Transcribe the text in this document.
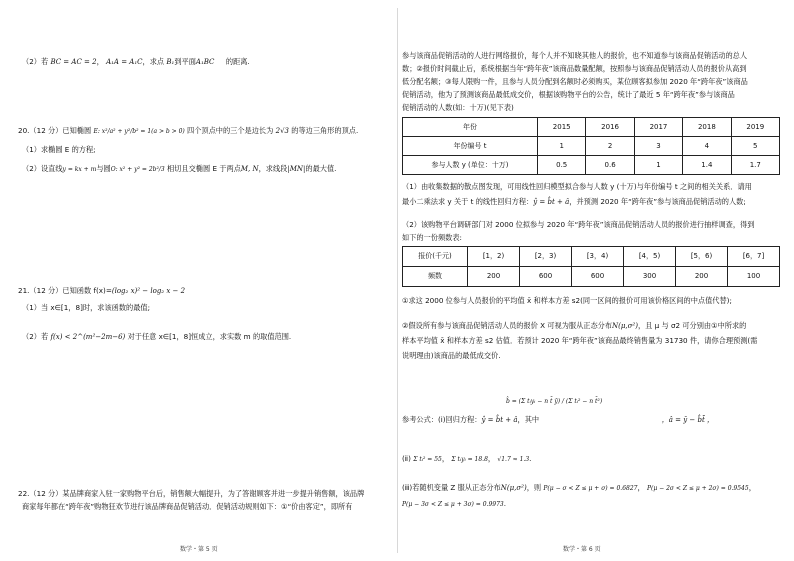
（2）若 BC = AC = 2， A₁A = A₁C，求点 B₁到平面A₁BC 的距离.
20.（12 分）已知椭圆 E: x²/a² + y²/b² = 1(a > b > 0) 四个顶点中的三个是边长为 2√3 的等边三角形的顶点.
（1）求椭圆 E 的方程;
（2）设直线y = kx + m与圆O: x² + y² = 2b²/3 相切且交椭圆 E 于两点M, N，求线段|MN|的最大值.
21.（12 分）已知函数 f(x)=(log₂ x)² − log₂ x − 2
（1）当 x∈[1，8]时，求该函数的最值;
（2）若 f(x) < 2^(m²−2m−6) 对于任意 x∈[1，8]恒成立，求实数 m 的取值范围.
22.（12 分）某品牌商家入驻一家购物平台后，销售额大幅提升，为了答谢顾客并进一步提升销售额，该品牌
商家每年都在“跨年夜”购物狂欢节进行该品牌商品促销活动．促销活动规则如下：①“价由客定”，即所有
数学・第 5 页
参与该商品促销活动的人进行网络报价，每个人并不知晓其他人的报价，也不知道参与该商品促销活动的总人
数；②报价时间截止后，系统根据当年“跨年夜”该商品数量配额，按照参与该商品促销活动人员的报价从高到
低分配名额；③每人限购一件，且参与人员分配到名额时必须购买，某位顾客拟参加 2020 年“跨年夜”该商品
促销活动，他为了预测该商品最低成交价，根据该购物平台的公告，统计了最近 5 年“跨年夜”参与该商品
促销活动的人数(如：十万)(见下表)
年份	2015	2016	2017	2018	2019
年份编号 t	1	2	3	4	5
参与人数 y (单位：十万)	0.5	0.6	1	1.4	1.7
（1）由收集数据的散点图发现，可用线性回归模型拟合参与人数 y (十万)与年份编号 t 之间的相关关系．请用
最小二乘法求 y 关于 t 的线性回归方程：ŷ = b̂t + â，并预测 2020 年“跨年夜”参与该商品促销活动的人数;
（2）该购物平台调研部门对 2000 位拟参与 2020 年“跨年夜”该商品促销活动人员的报价进行抽样调查，得到
如下的一份频数表:
报价(千元)	[1，2)	[2，3)	[3，4)	[4，5)	[5，6)	[6，7]
频数	200	600	600	300	200	100
①求这 2000 位参与人员报价的平均值 x̄ 和样本方差 s2(同一区间的报价可用该价格区间的中点值代替);
②假设所有参与该商品促销活动人员的报价 X 可视为服从正态分布N(μ,σ²)，且 μ 与 σ2 可分别由①中所求的
样本平均值 x̄ 和样本方差 s2 估值．若预计 2020 年“跨年夜”该商品最终销售量为 31730 件，请你合理预测(需
说明理由)该商品的最低成交价.
b̂ = (Σ tᵢyᵢ − n t̄ ȳ) / (Σ tᵢ² − n t̄²)
参考公式：(ⅰ)回归方程：ŷ = b̂t + â，其中	，â = ȳ − b̂t̄ ，
(ⅱ) Σ tᵢ² = 55， Σ tᵢyᵢ = 18.8， √1.7 ≈ 1.3.
(ⅲ)若随机变量 Z 服从正态分布N(μ,σ²)，则 P(μ − σ < Z ≤ μ + σ) = 0.6827， P(μ − 2σ < Z ≤ μ + 2σ) = 0.9545，
P(μ − 3σ < Z ≤ μ + 3σ) = 0.9973.
数学・第 6 页
